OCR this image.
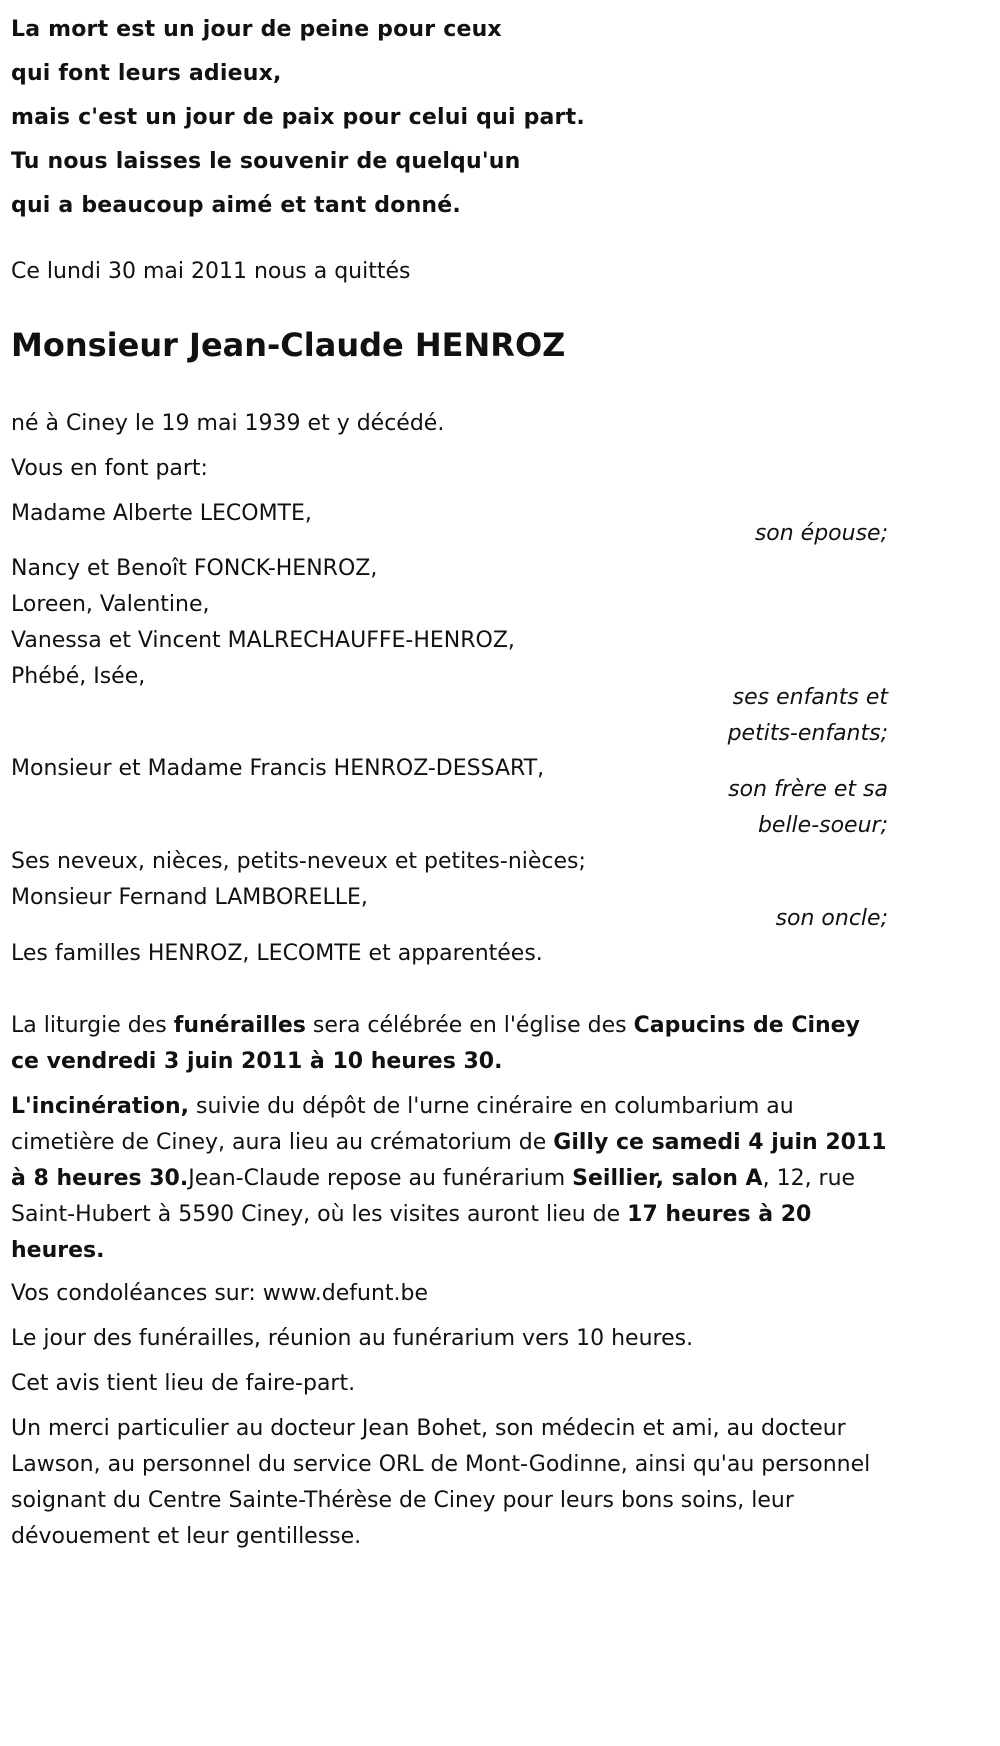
La mort est un jour de peine pour ceux
qui font leurs adieux,
mais c'est un jour de paix pour celui qui part.
Tu nous laisses le souvenir de quelqu'un
qui a beaucoup aimé et tant donné.

Ce lundi 30 mai 2011 nous a quittés

Monsieur Jean-Claude HENROZ

né à Ciney le 19 mai 1939 et y décédé.

Vous en font part:

Madame Alberte LECOMTE,

son épouse;

Nancy et Benoît FONCK-HENROZ,

Loreen, Valentine,

Vanessa et Vincent MALRECHAUFFE-HENROZ,

Phébé, Isée,

ses enfants et

petits-enfants;

Monsieur et Madame Francis HENROZ-DESSART,

son frère et sa

belle-soeur;

Ses neveux, nièces, petits-neveux et petites-nièces;

Monsieur Fernand LAMBORELLE,

son oncle;

Les familles HENROZ, LECOMTE et apparentées.

La liturgie des funérailles sera célébrée en l'église des Capucins de Ciney ce vendredi 3 juin 2011 à 10 heures 30.

L'incinération, suivie du dépôt de l'urne cinéraire en columbarium au cimetière de Ciney, aura lieu au crématorium de Gilly ce samedi 4 juin 2011 à 8 heures 30.Jean-Claude repose au funérarium Seillier, salon A, 12, rue Saint-Hubert à 5590 Ciney, où les visites auront lieu de 17 heures à 20 heures.

Vos condoléances sur: www.defunt.be

Le jour des funérailles, réunion au funérarium vers 10 heures.

Cet avis tient lieu de faire-part.

Un merci particulier au docteur Jean Bohet, son médecin et ami, au docteur Lawson, au personnel du service ORL de Mont-Godinne, ainsi qu'au personnel soignant du Centre Sainte-Thérèse de Ciney pour leurs bons soins, leur dévouement et leur gentillesse.
